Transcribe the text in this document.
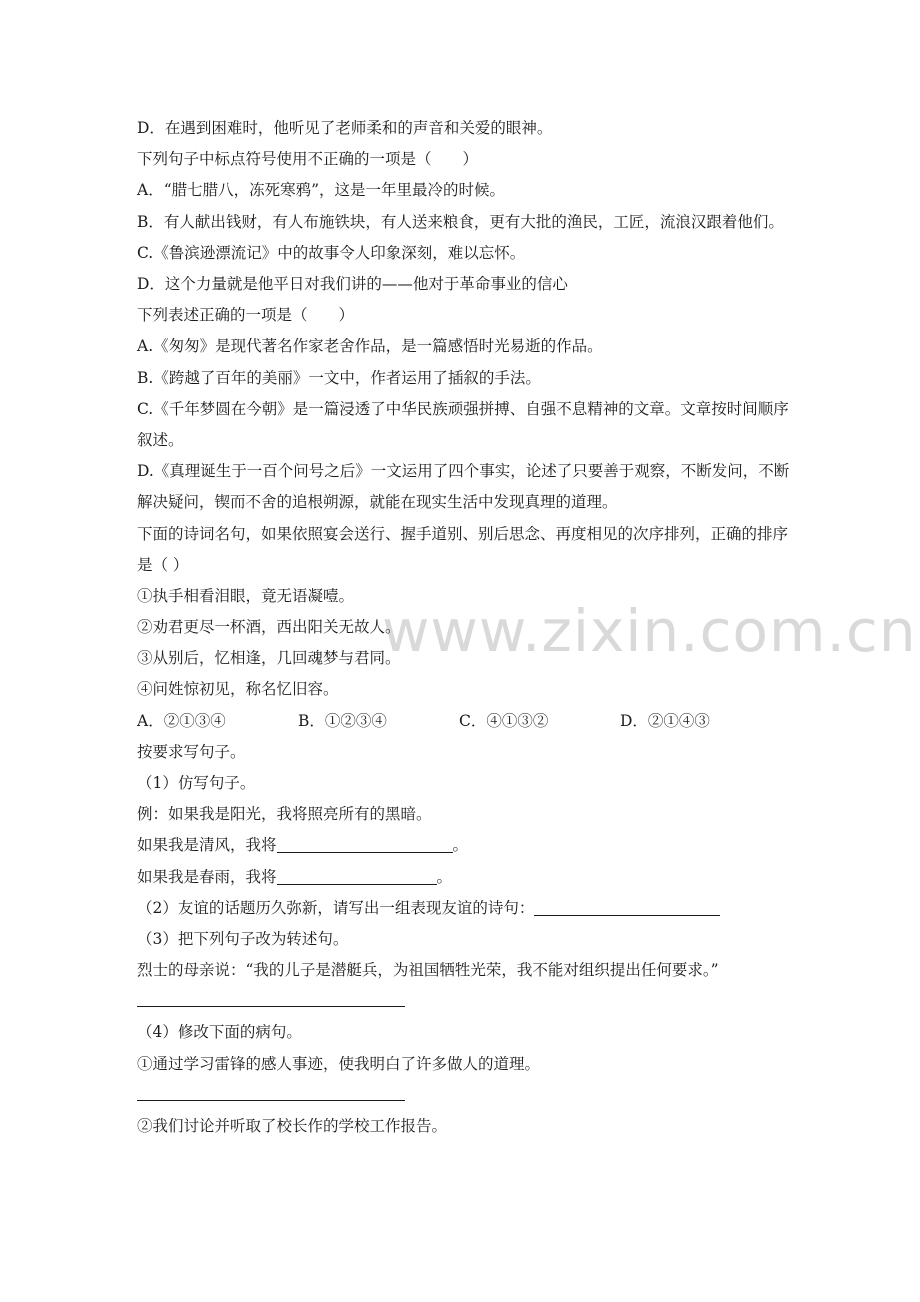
www.zixin.com.cn
D．在遇到困难时，他听见了老师柔和的声音和关爱的眼神。
下列句子中标点符号使用不正确的一项是（　　）
A．“腊七腊八，冻死寒鸦”，这是一年里最冷的时候。
B．有人献出钱财，有人布施铁块，有人送来粮食，更有大批的渔民，工匠，流浪汉跟着他们。
C.《鲁滨逊漂流记》中的故事令人印象深刻，难以忘怀。
D．这个力量就是他平日对我们讲的——他对于革命事业的信心
下列表述正确的一项是（　　）
A.《匆匆》是现代著名作家老舍作品，是一篇感悟时光易逝的作品。
B.《跨越了百年的美丽》一文中，作者运用了插叙的手法。
C.《千年梦圆在今朝》是一篇浸透了中华民族顽强拼搏、自强不息精神的文章。文章按时间顺序叙述。
D.《真理诞生于一百个问号之后》一文运用了四个事实，论述了只要善于观察，不断发问，不断解决疑问，锲而不舍的追根朔源，就能在现实生活中发现真理的道理。
下面的诗词名句，如果依照宴会送行、握手道别、别后思念、再度相见的次序排列，正确的排序是（ ）
①执手相看泪眼，竟无语凝噎。
②劝君更尽一杯酒，西出阳关无故人。
③从别后，忆相逢，几回魂梦与君同。
④问姓惊初见，称名忆旧容。
A．②①③④	B．①②③④	C．④①③②	D．②①④③
按要求写句子。
（1）仿写句子。
例：如果我是阳光，我将照亮所有的黑暗。
如果我是清风，我将	。
如果我是春雨，我将	。
（2）友谊的话题历久弥新，请写出一组表现友谊的诗句：
（3）把下列句子改为转述句。
烈士的母亲说：“我的儿子是潜艇兵，为祖国牺牲光荣，我不能对组织提出任何要求。”
（4）修改下面的病句。
①通过学习雷锋的感人事迹，使我明白了许多做人的道理。
②我们讨论并听取了校长作的学校工作报告。
